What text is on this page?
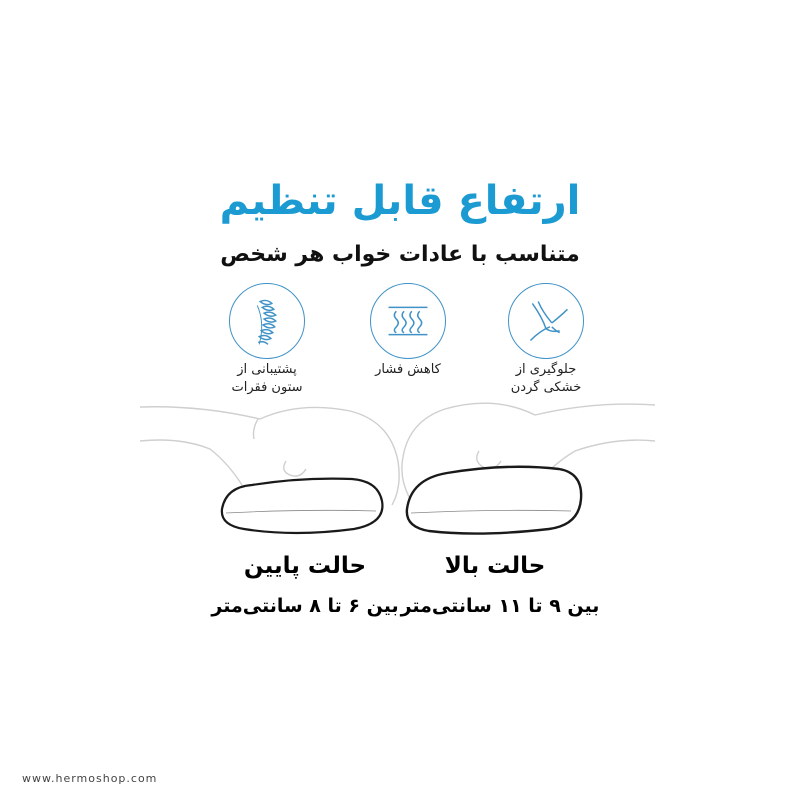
ارتفاع قابل تنظیم
متناسب با عادات خواب هر شخص
پشتیبانی از
ستون فقرات
کاهش فشار	جلوگیری از
خشکی گردن
حالت پایین
بین ۶ تا ۸ سانتی‌متر
حالت بالا
بین ۹ تا ۱۱ سانتی‌متر
www.hermoshop.com
